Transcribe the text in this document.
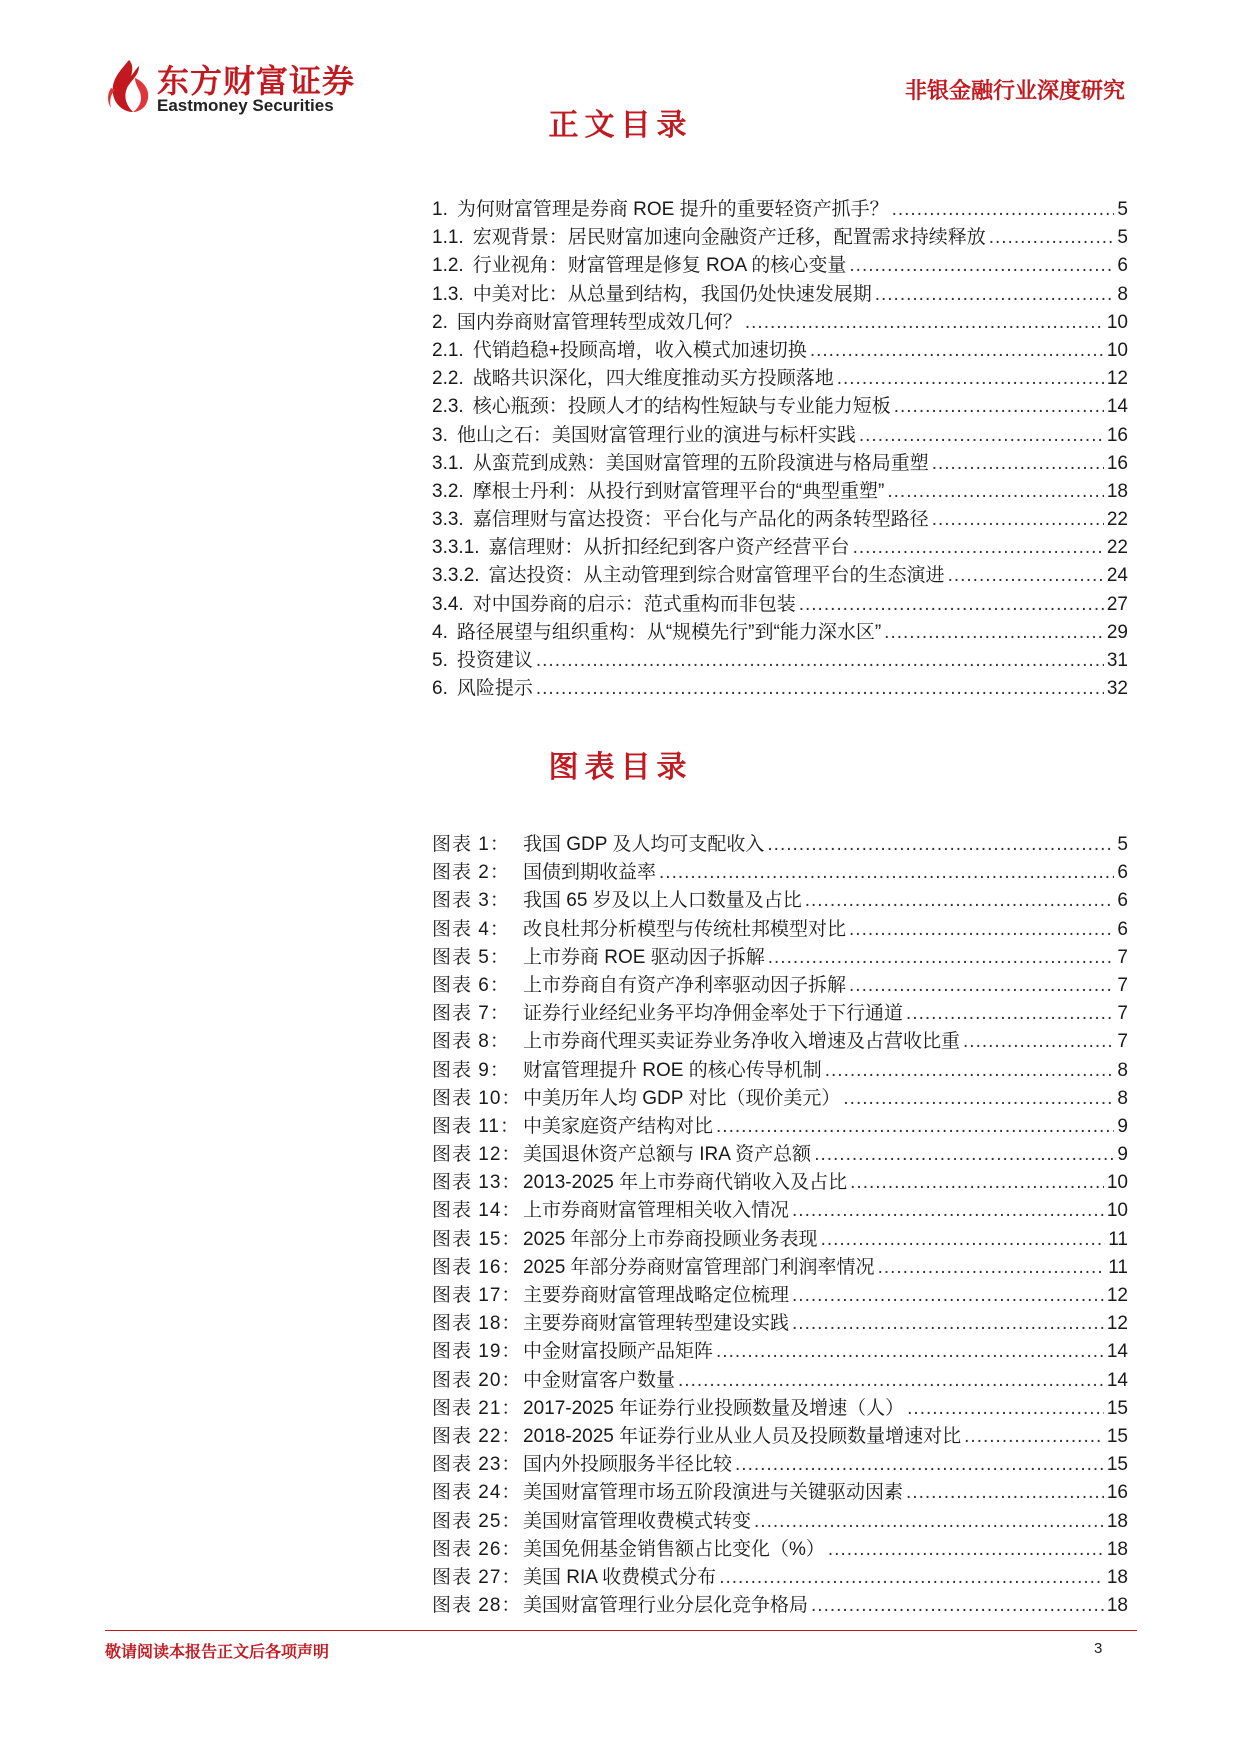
东方财富证券
Eastmoney Securities
非银金融行业深度研究
正文目录
1. 为何财富管理是券商 ROE 提升的重要轻资产抓手？ .....	5
1.1. 宏观背景：居民财富加速向金融资产迁移，配置需求持续释放 .....	5
1.2. 行业视角：财富管理是修复 ROA 的核心变量 .....	6
1.3. 中美对比：从总量到结构，我国仍处快速发展期 .....	8
2. 国内券商财富管理转型成效几何？ .....	10
2.1. 代销趋稳+投顾高增，收入模式加速切换 .....	10
2.2. 战略共识深化，四大维度推动买方投顾落地 .....	12
2.3. 核心瓶颈：投顾人才的结构性短缺与专业能力短板 .....	14
3. 他山之石：美国财富管理行业的演进与标杆实践 .....	16
3.1. 从蛮荒到成熟：美国财富管理的五阶段演进与格局重塑 .....	16
3.2. 摩根士丹利：从投行到财富管理平台的“典型重塑” .....	18
3.3. 嘉信理财与富达投资：平台化与产品化的两条转型路径 .....	22
3.3.1. 嘉信理财：从折扣经纪到客户资产经营平台 .....	22
3.3.2. 富达投资：从主动管理到综合财富管理平台的生态演进 .....	24
3.4. 对中国券商的启示：范式重构而非包装 .....	27
4. 路径展望与组织重构：从“规模先行”到“能力深水区” .....	29
5. 投资建议 .....	31
6. 风险提示 .....	32
图表目录
图表 1： 我国 GDP 及人均可支配收入 .....	5
图表 2： 国债到期收益率 .....	6
图表 3： 我国 65 岁及以上人口数量及占比 .....	6
图表 4： 改良杜邦分析模型与传统杜邦模型对比 .....	6
图表 5： 上市券商 ROE 驱动因子拆解 .....	7
图表 6： 上市券商自有资产净利率驱动因子拆解 .....	7
图表 7： 证券行业经纪业务平均净佣金率处于下行通道 .....	7
图表 8： 上市券商代理买卖证券业务净收入增速及占营收比重 .....	7
图表 9： 财富管理提升 ROE 的核心传导机制 .....	8
图表 10： 中美历年人均 GDP 对比（现价美元） .....	8
图表 11： 中美家庭资产结构对比 .....	9
图表 12： 美国退休资产总额与 IRA 资产总额 .....	9
图表 13： 2013-2025 年上市券商代销收入及占比 .....	10
图表 14： 上市券商财富管理相关收入情况 .....	10
图表 15： 2025 年部分上市券商投顾业务表现 .....	11
图表 16： 2025 年部分券商财富管理部门利润率情况 .....	11
图表 17： 主要券商财富管理战略定位梳理 .....	12
图表 18： 主要券商财富管理转型建设实践 .....	12
图表 19： 中金财富投顾产品矩阵 .....	14
图表 20： 中金财富客户数量 .....	14
图表 21： 2017-2025 年证券行业投顾数量及增速（人） .....	15
图表 22： 2018-2025 年证券行业从业人员及投顾数量增速对比 .....	15
图表 23： 国内外投顾服务半径比较 .....	15
图表 24： 美国财富管理市场五阶段演进与关键驱动因素 .....	16
图表 25： 美国财富管理收费模式转变 .....	18
图表 26： 美国免佣基金销售额占比变化（%） .....	18
图表 27： 美国 RIA 收费模式分布 .....	18
图表 28： 美国财富管理行业分层化竞争格局 .....	18
敬请阅读本报告正文后各项声明	3
